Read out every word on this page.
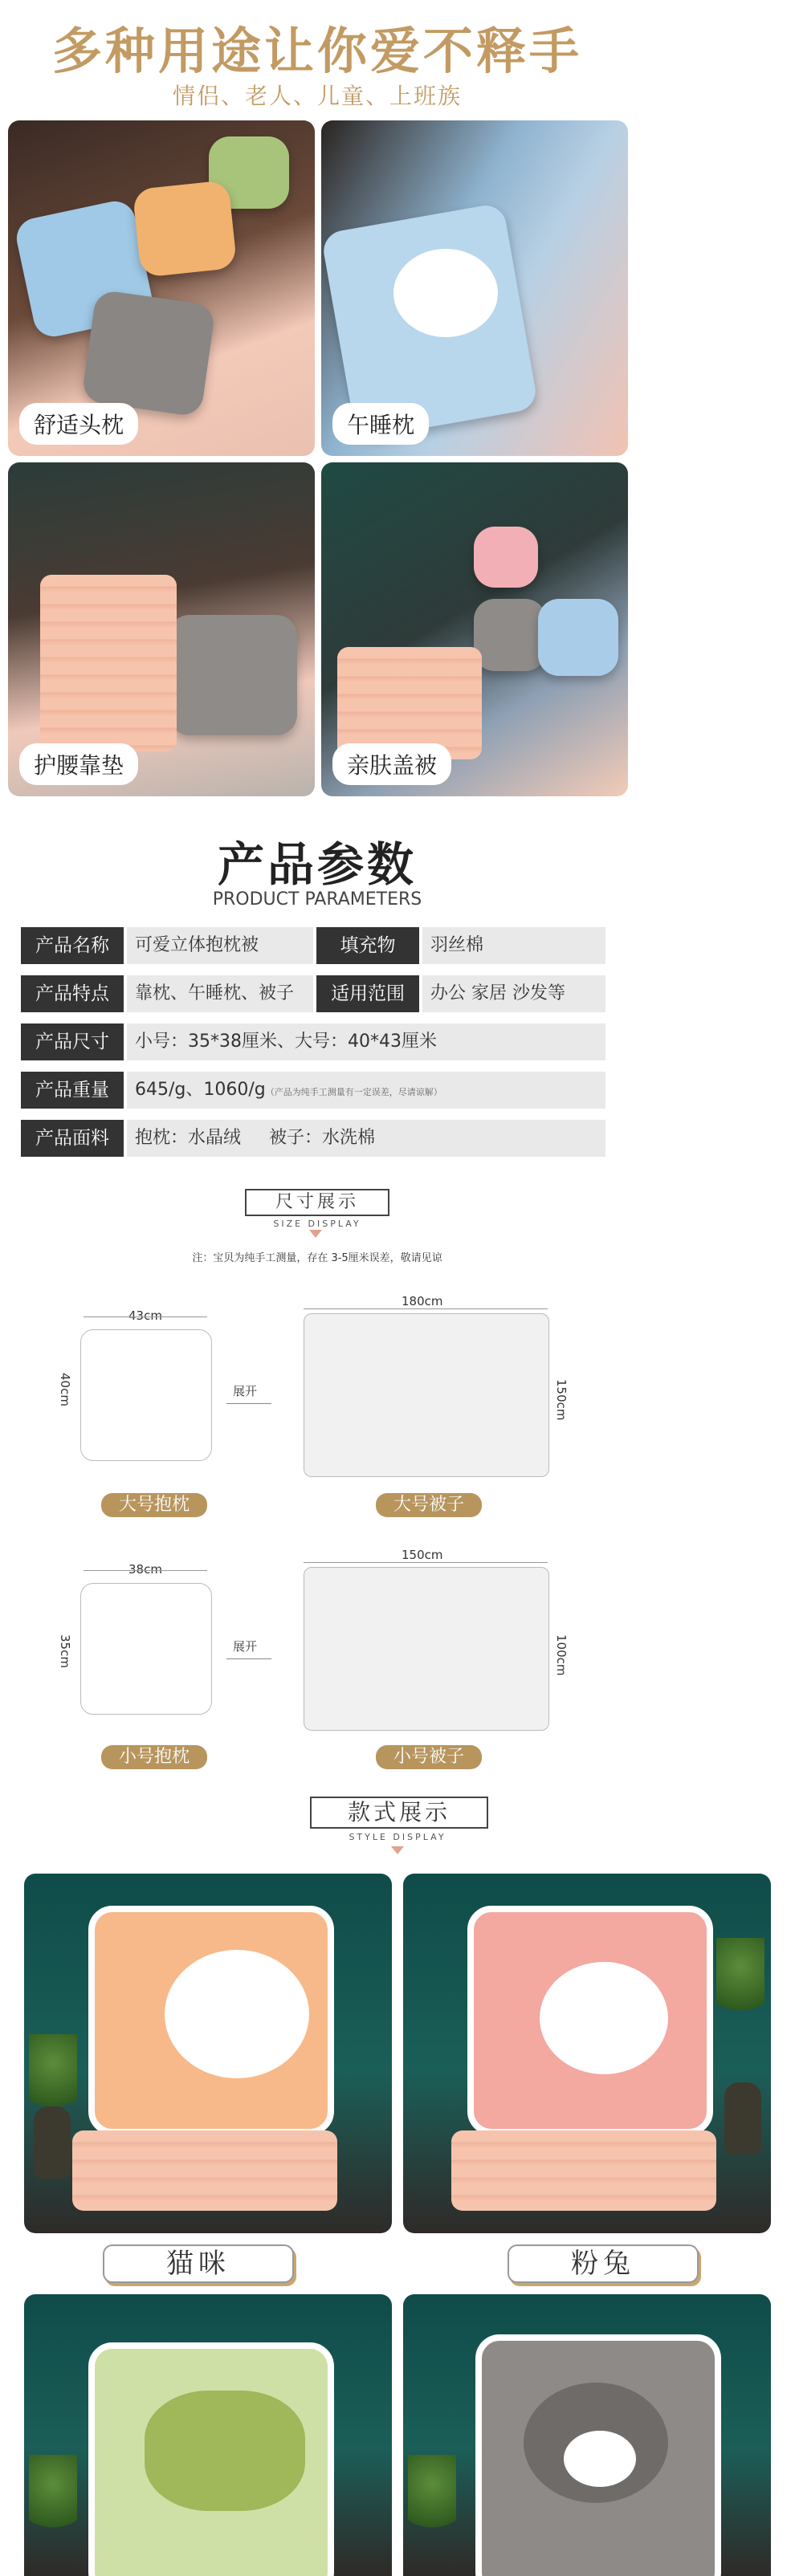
多种用途让你爱不释手
情侣、老人、儿童、上班族
舒适头枕	午睡枕
护腰靠垫	亲肤盖被
产品参数
PRODUCT PARAMETERS
产品名称	可爱立体抱枕被	填充物	羽丝棉
产品特点	靠枕、午睡枕、被子	适用范围	办公 家居 沙发等
产品尺寸	小号：35*38厘米、大号：40*43厘米
产品重量	645/g、1060/g（产品为纯手工测量有一定误差，尽请谅解）
产品面料	抱枕：水晶绒     被子：水洗棉
尺寸展示
SIZE DISPLAY
注：宝贝为纯手工测量，存在 3-5厘米误差，敬请见谅
43cm
40cm	展开
180cm
150cm
大号抱枕	大号被子
38cm
35cm	展开
150cm
100cm
小号抱枕	小号被子
款式展示
STYLE DISPLAY
猫咪	粉兔
